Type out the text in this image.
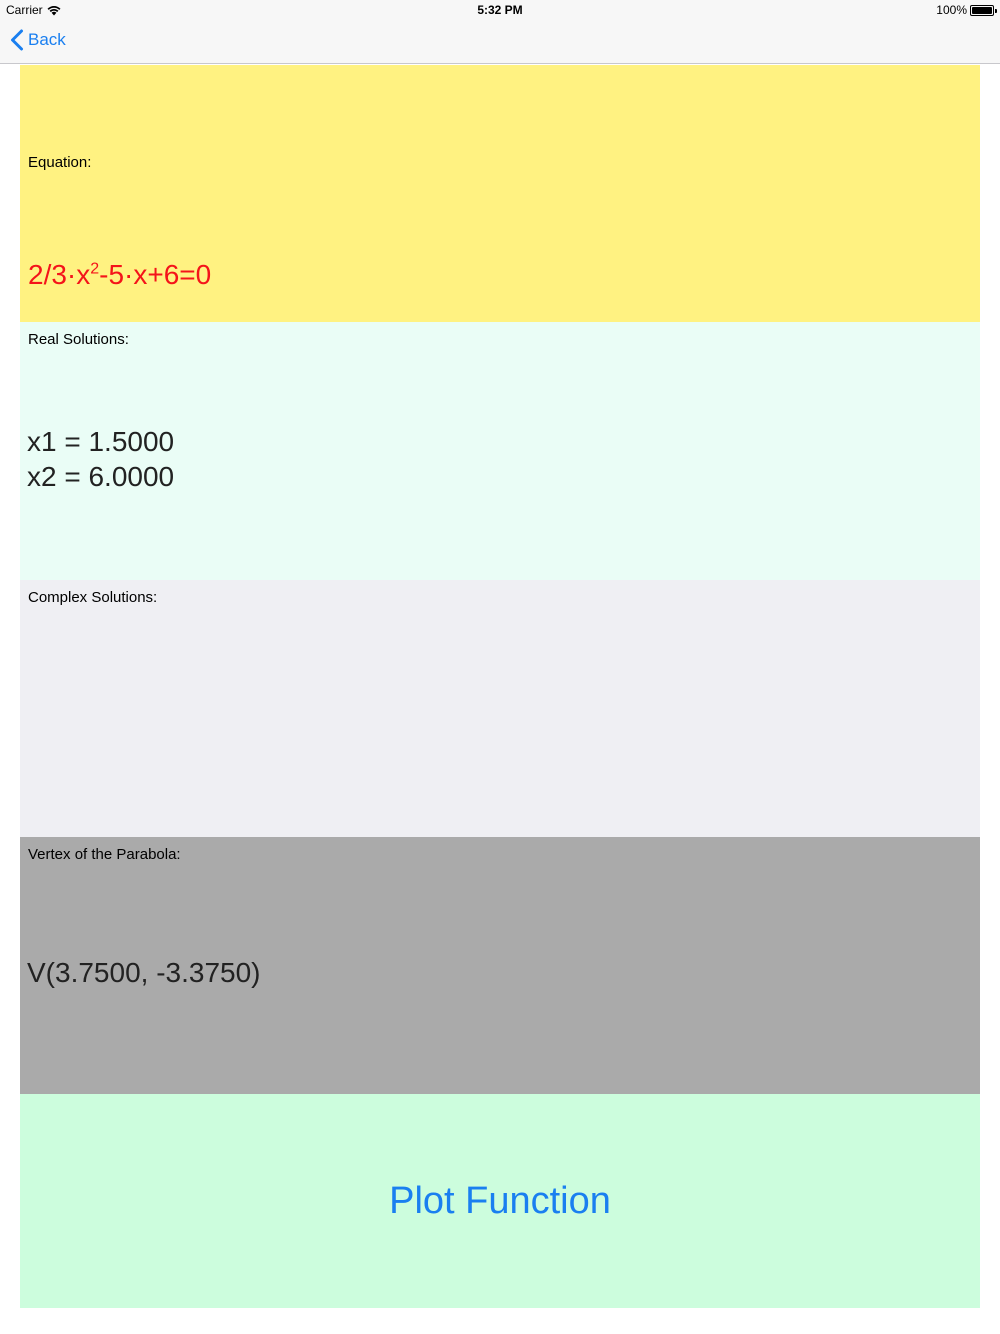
Carrier	5:32 PM	100%
Back
Equation:
$2/3\cdot x^2-5\cdot x+6=0$
Real Solutions:
x1 = 1.5000
x2 = 6.0000
Complex Solutions:
Vertex of the Parabola:
V(3.7500, -3.3750)
Plot Function
